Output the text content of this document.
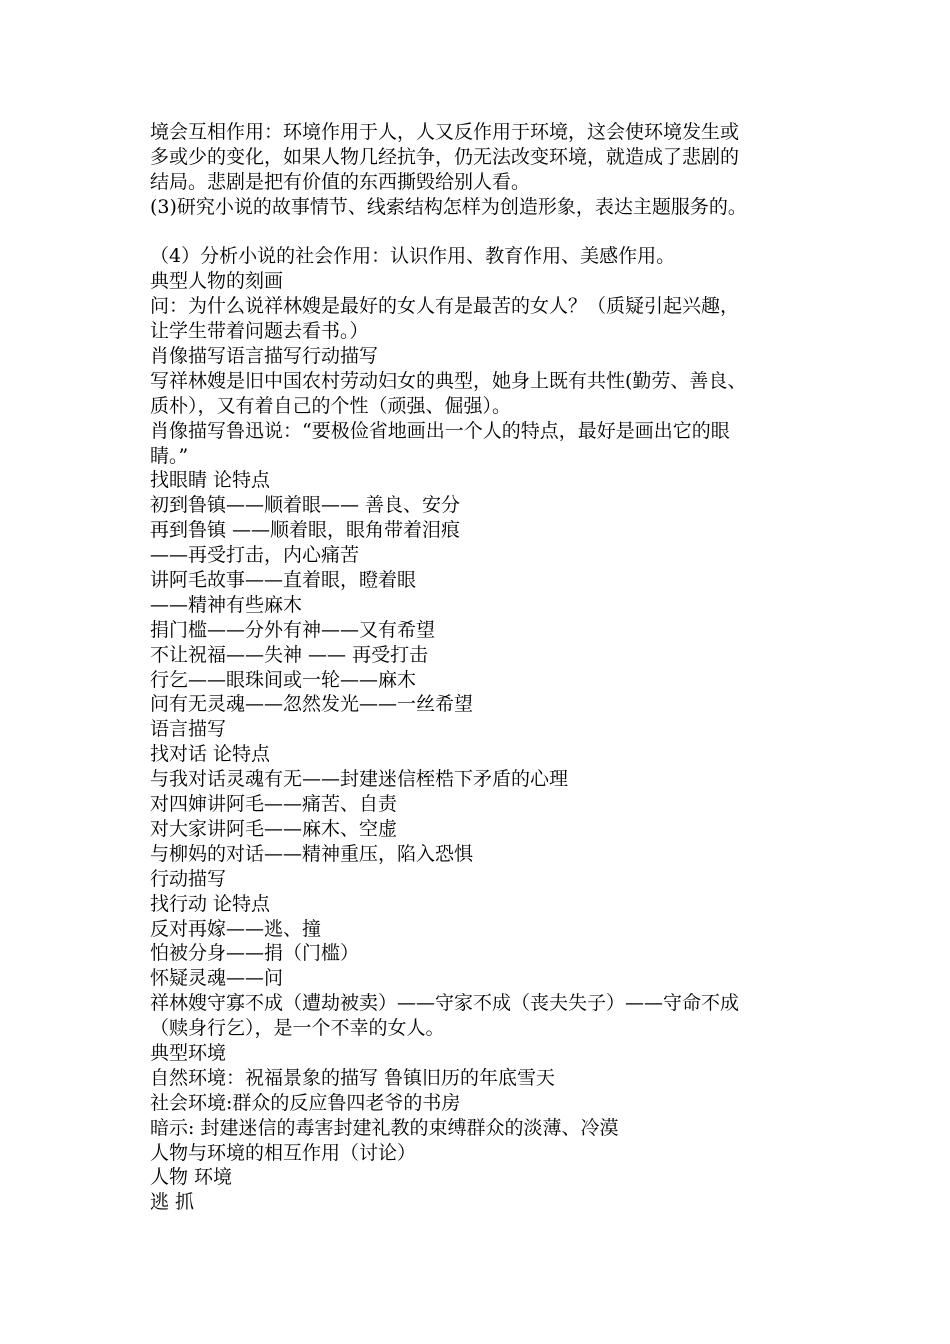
境会互相作用：环境作用于人，人又反作用于环境，这会使环境发生或
多或少的变化，如果人物几经抗争，仍无法改变环境，就造成了悲剧的
结局。悲剧是把有价值的东西撕毁给别人看。
(3)研究小说的故事情节、线索结构怎样为创造形象，表达主题服务的。
（4）分析小说的社会作用：认识作用、教育作用、美感作用。
典型人物的刻画
问：为什么说祥林嫂是最好的女人有是最苦的女人？（质疑引起兴趣，
让学生带着问题去看书。）
肖像描写语言描写行动描写
写祥林嫂是旧中国农村劳动妇女的典型，她身上既有共性(勤劳、善良、
质朴），又有着自己的个性（顽强、倔强）。
肖像描写鲁迅说：“要极俭省地画出一个人的特点，最好是画出它的眼
睛。”
找眼睛 论特点
初到鲁镇——顺着眼—— 善良、安分
再到鲁镇 ——顺着眼，眼角带着泪痕
——再受打击，内心痛苦
讲阿毛故事——直着眼，瞪着眼
——精神有些麻木
捐门槛——分外有神——又有希望
不让祝福——失神 —— 再受打击
行乞——眼珠间或一轮——麻木
问有无灵魂——忽然发光——一丝希望
语言描写
找对话 论特点
与我对话灵魂有无——封建迷信桎梏下矛盾的心理
对四婶讲阿毛——痛苦、自责
对大家讲阿毛——麻木、空虚
与柳妈的对话——精神重压，陷入恐惧
行动描写
找行动 论特点
反对再嫁——逃、撞
怕被分身——捐（门槛）
怀疑灵魂——问
祥林嫂守寡不成（遭劫被卖）——守家不成（丧夫失子）——守命不成
（赎身行乞），是一个不幸的女人。
典型环境
自然环境：祝福景象的描写 鲁镇旧历的年底雪天
社会环境:群众的反应鲁四老爷的书房
暗示: 封建迷信的毒害封建礼教的束缚群众的淡薄、冷漠
人物与环境的相互作用（讨论）
人物 环境
逃 抓
